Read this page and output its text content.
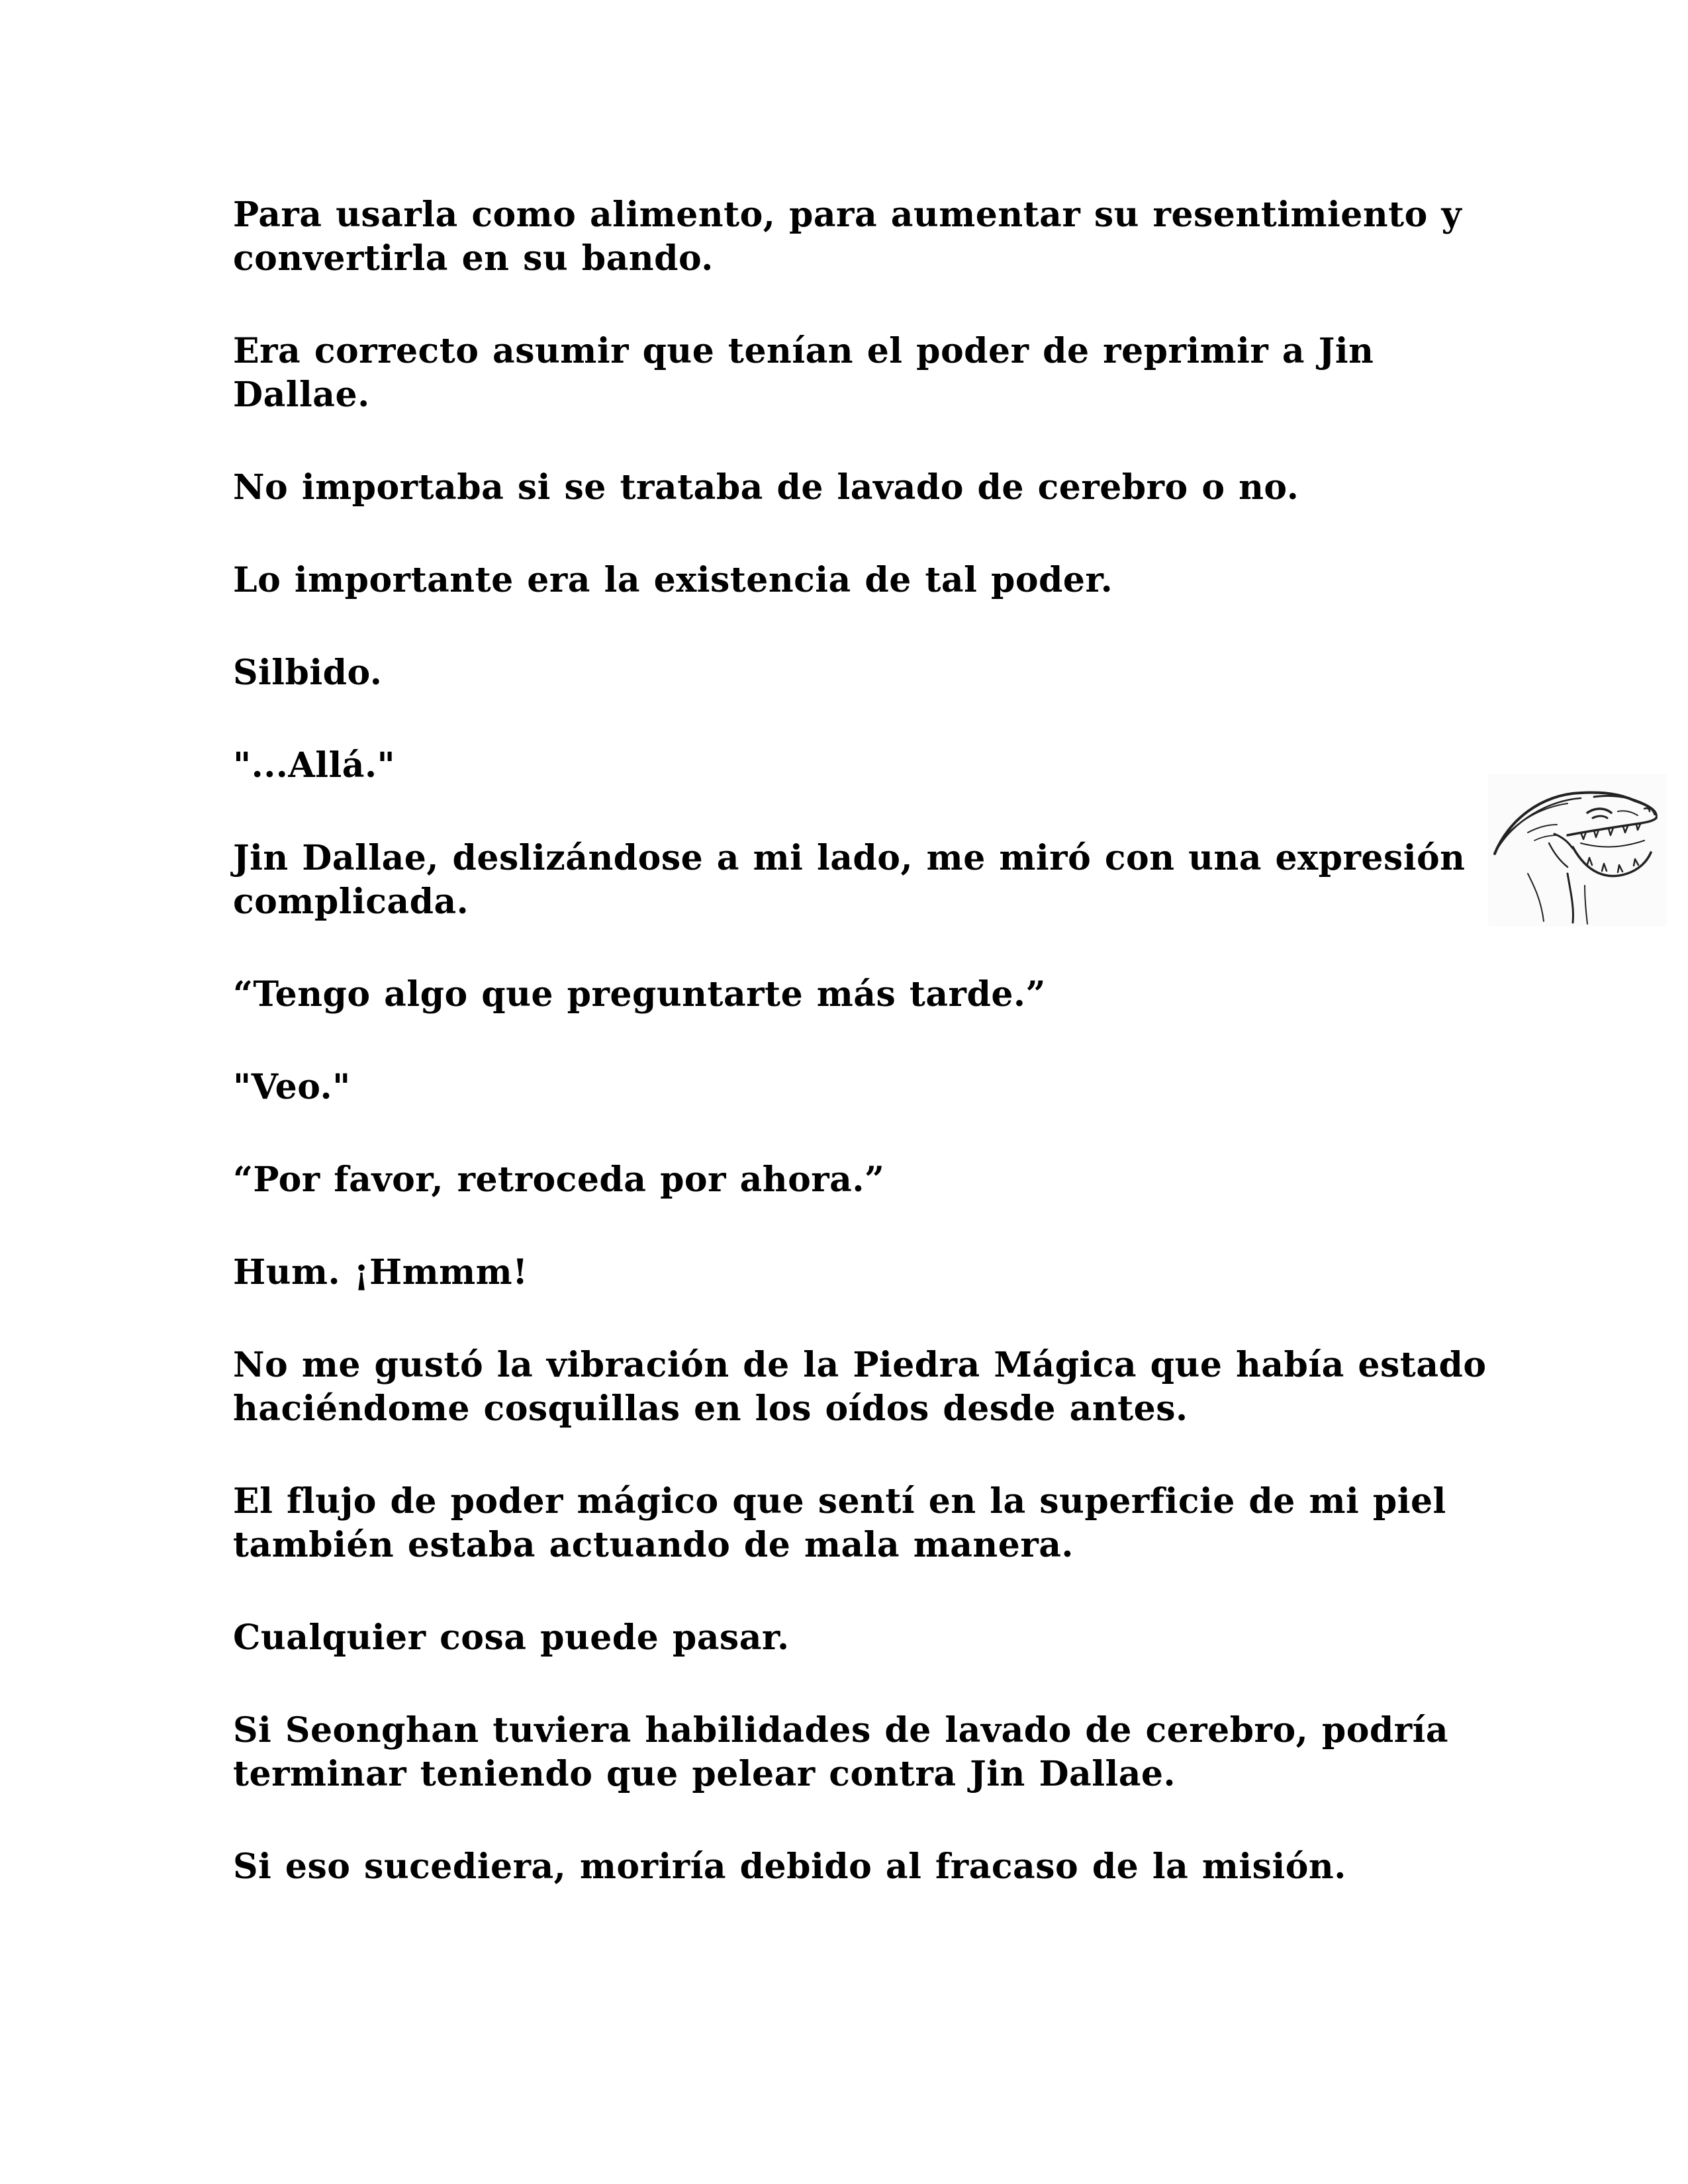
Para usarla como alimento, para aumentar su resentimiento y convertirla en su bando.

Era correcto asumir que tenían el poder de reprimir a Jin Dallae.

No importaba si se trataba de lavado de cerebro o no.

Lo importante era la existencia de tal poder.

Silbido.

"...Allá."

Jin Dallae, deslizándose a mi lado, me miró con una expresión complicada.

“Tengo algo que preguntarte más tarde.”

"Veo."

“Por favor, retroceda por ahora.”

Hum. ¡Hmmm!

No me gustó la vibración de la Piedra Mágica que había estado haciéndome cosquillas en los oídos desde antes.

El flujo de poder mágico que sentí en la superficie de mi piel también estaba actuando de mala manera.

Cualquier cosa puede pasar.

Si Seonghan tuviera habilidades de lavado de cerebro, podría terminar teniendo que pelear contra Jin Dallae.

Si eso sucediera, moriría debido al fracaso de la misión.
